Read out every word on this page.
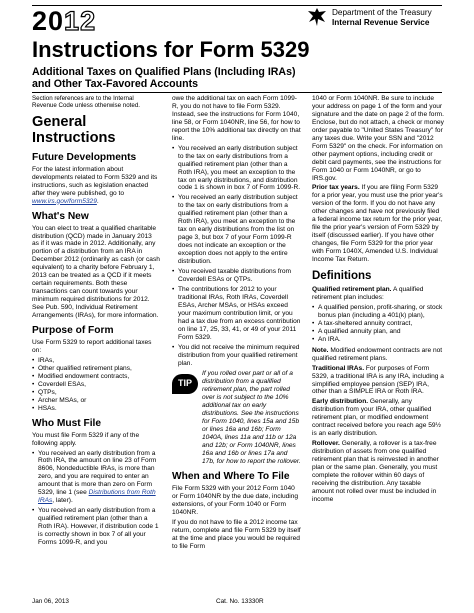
2012
Instructions for Form 5329
Additional Taxes on Qualified Plans (Including IRAs) and Other Tax-Favored Accounts
Department of the Treasury
Internal Revenue Service

Section references are to the Internal Revenue Code unless otherwise noted.

General Instructions
Future Developments

For the latest information about developments related to Form 5329 and its instructions, such as legislation enacted after they were published, go to www.irs.gov/form5329.

What's New

You can elect to treat a qualified charitable distribution (QCD) made in January 2013 as if it was made in 2012. Additionally, any portion of a distribution from an IRA in December 2012 (ordinarily as cash (or cash equivalent) to a charity before February 1, 2013 can be treated as a QCD if it meets certain requirements. Both these transactions can count towards your minimum required distributions for 2012. See Pub. 590, Individual Retirement Arrangements (IRAs), for more information.

Purpose of Form

Use Form 5329 to report additional taxes on:

• IRAs,
• Other qualified retirement plans,
• Modified endowment contracts,
• Coverdell ESAs,
• QTPs,
• Archer MSAs, or
• HSAs.
Who Must File

You must file Form 5329 if any of the following apply.

• You received an early distribution from a Roth IRA, the amount on line 23 of Form 8606, Nondeductible IRAs, is more than zero, and you are required to enter an amount that is more than zero on Form 5329, line 1 (see Distributions from Roth IRAs, later).

• You received an early distribution from a qualified retirement plan (other than a Roth IRA). However, if distribution code 1 is correctly shown in box 7 of all your Forms 1099-R, and you

owe the additional tax on each Form 1099-R, you do not have to file Form 5329. Instead, see the instructions for Form 1040, line 58, or Form 1040NR, line 56, for how to report the 10% additional tax directly on that line.

• You received an early distribution subject to the tax on early distributions from a qualified retirement plan (other than a Roth IRA), you meet an exception to the tax on early distributions, and distribution code 1 is shown in box 7 of Form 1099-R.

• You received an early distribution subject to the tax on early distributions from a qualified retirement plan (other than a Roth IRA), you meet an exception to the tax on early distributions from the list on page 3, but box 7 of your Form 1099-R does not indicate an exception or the exception does not apply to the entire distribution.

• You received taxable distributions from Coverdell ESAs or QTPs.

• The contributions for 2012 to your traditional IRAs, Roth IRAs, Coverdell ESAs, Archer MSAs, or HSAs exceed your maximum contribution limit, or you had a tax due from an excess contribution on line 17, 25, 33, 41, or 49 of your 2011 Form 5329.

• You did not receive the minimum required distribution from your qualified retirement plan.

TIP
If you rolled over part or all of a distribution from a qualified retirement plan, the part rolled over is not subject to the 10% additional tax on early distributions. See the instructions for Form 1040, lines 15a and 15b or lines 16a and 16b; Form 1040A, lines 11a and 11b or 12a and 12b; or Form 1040NR, lines 16a and 16b or lines 17a and 17b, for how to report the rollover.
When and Where To File

File Form 5329 with your 2012 Form 1040 or Form 1040NR by the due date, including extensions, of your Form 1040 or Form 1040NR.

If you do not have to file a 2012 income tax return, complete and file Form 5329 by itself at the time and place you would be required to file Form

1040 or Form 1040NR. Be sure to include your address on page 1 of the form and your signature and the date on page 2 of the form. Enclose, but do not attach, a check or money order payable to "United States Treasury" for any taxes due. Write your SSN and "2012 Form 5329" on the check. For information on other payment options, including credit or debit card payments, see the instructions for Form 1040 or Form 1040NR, or go to IRS.gov.

Prior tax years. If you are filing Form 5329 for a prior year, you must use the prior year's version of the form. If you do not have any other changes and have not previously filed a federal income tax return for the prior year, file the prior year's version of Form 5329 by itself (discussed earlier). If you have other changes, file Form 5329 for the prior year with Form 1040X, Amended U.S. Individual Income Tax Return.

Definitions

Qualified retirement plan. A qualified retirement plan includes:

• A qualified pension, profit-sharing, or stock bonus plan (including a 401(k) plan),
• A tax-sheltered annuity contract,
• A qualified annuity plan, and
• An IRA.

Note. Modified endowment contracts are not qualified retirement plans.

Traditional IRAs. For purposes of Form 5329, a traditional IRA is any IRA, including a simplified employee pension (SEP) IRA, other than a SIMPLE IRA or Roth IRA.

Early distribution. Generally, any distribution from your IRA, other qualified retirement plan, or modified endowment contract received before you reach age 59½ is an early distribution.

Rollover. Generally, a rollover is a tax-free distribution of assets from one qualified retirement plan that is reinvested in another plan or the same plan. Generally, you must complete the rollover within 60 days of receiving the distribution. Any taxable amount not rolled over must be included in income

Jan 06, 2013	Cat. No. 13330R
